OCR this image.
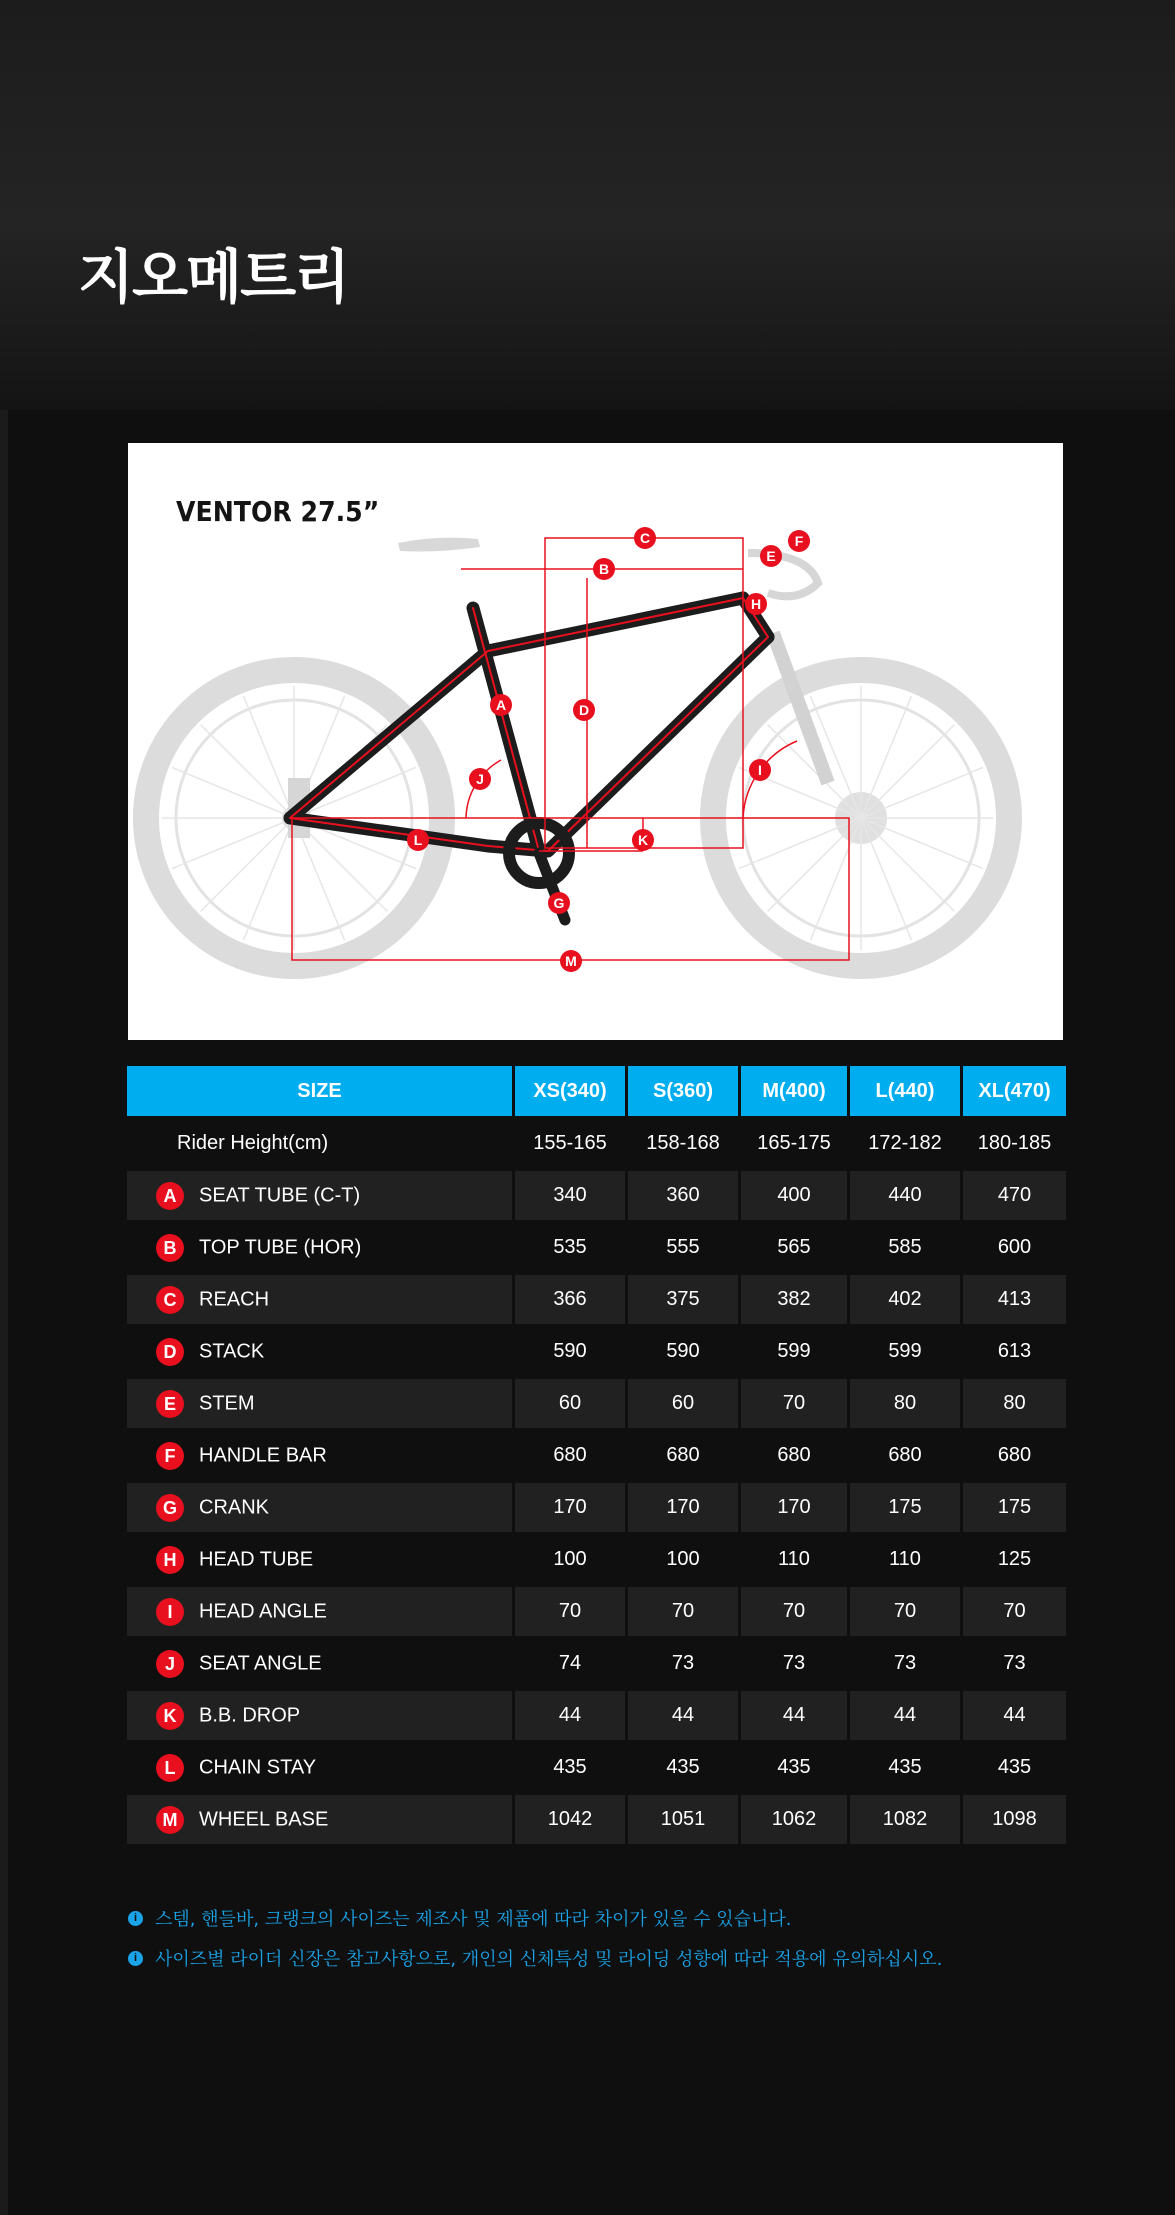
지오메트리
A
B
C
D
E
F
G
H
I
J
K
L
M
VENTOR 27.5”
SIZE	XS(340)	S(360)	M(400)	L(440)	XL(470)
Rider Height(cm)	155-165	158-168	165-175	172-182	180-185
A SEAT TUBE (C-T)	340	360	400	440	470
B TOP TUBE (HOR)	535	555	565	585	600
C REACH	366	375	382	402	413
D STACK	590	590	599	599	613
E STEM	60	60	70	80	80
F HANDLE BAR	680	680	680	680	680
G CRANK	170	170	170	175	175
H HEAD TUBE	100	100	110	110	125
I HEAD ANGLE	70	70	70	70	70
J SEAT ANGLE	74	73	73	73	73
K B.B. DROP	44	44	44	44	44
L CHAIN STAY	435	435	435	435	435
M WHEEL BASE	1042	1051	1062	1082	1098
i 스템, 핸들바, 크랭크의 사이즈는 제조사 및 제품에 따라 차이가 있을 수 있습니다.
i 사이즈별 라이더 신장은 참고사항으로, 개인의 신체특성 및 라이딩 성향에 따라 적용에 유의하십시오.
